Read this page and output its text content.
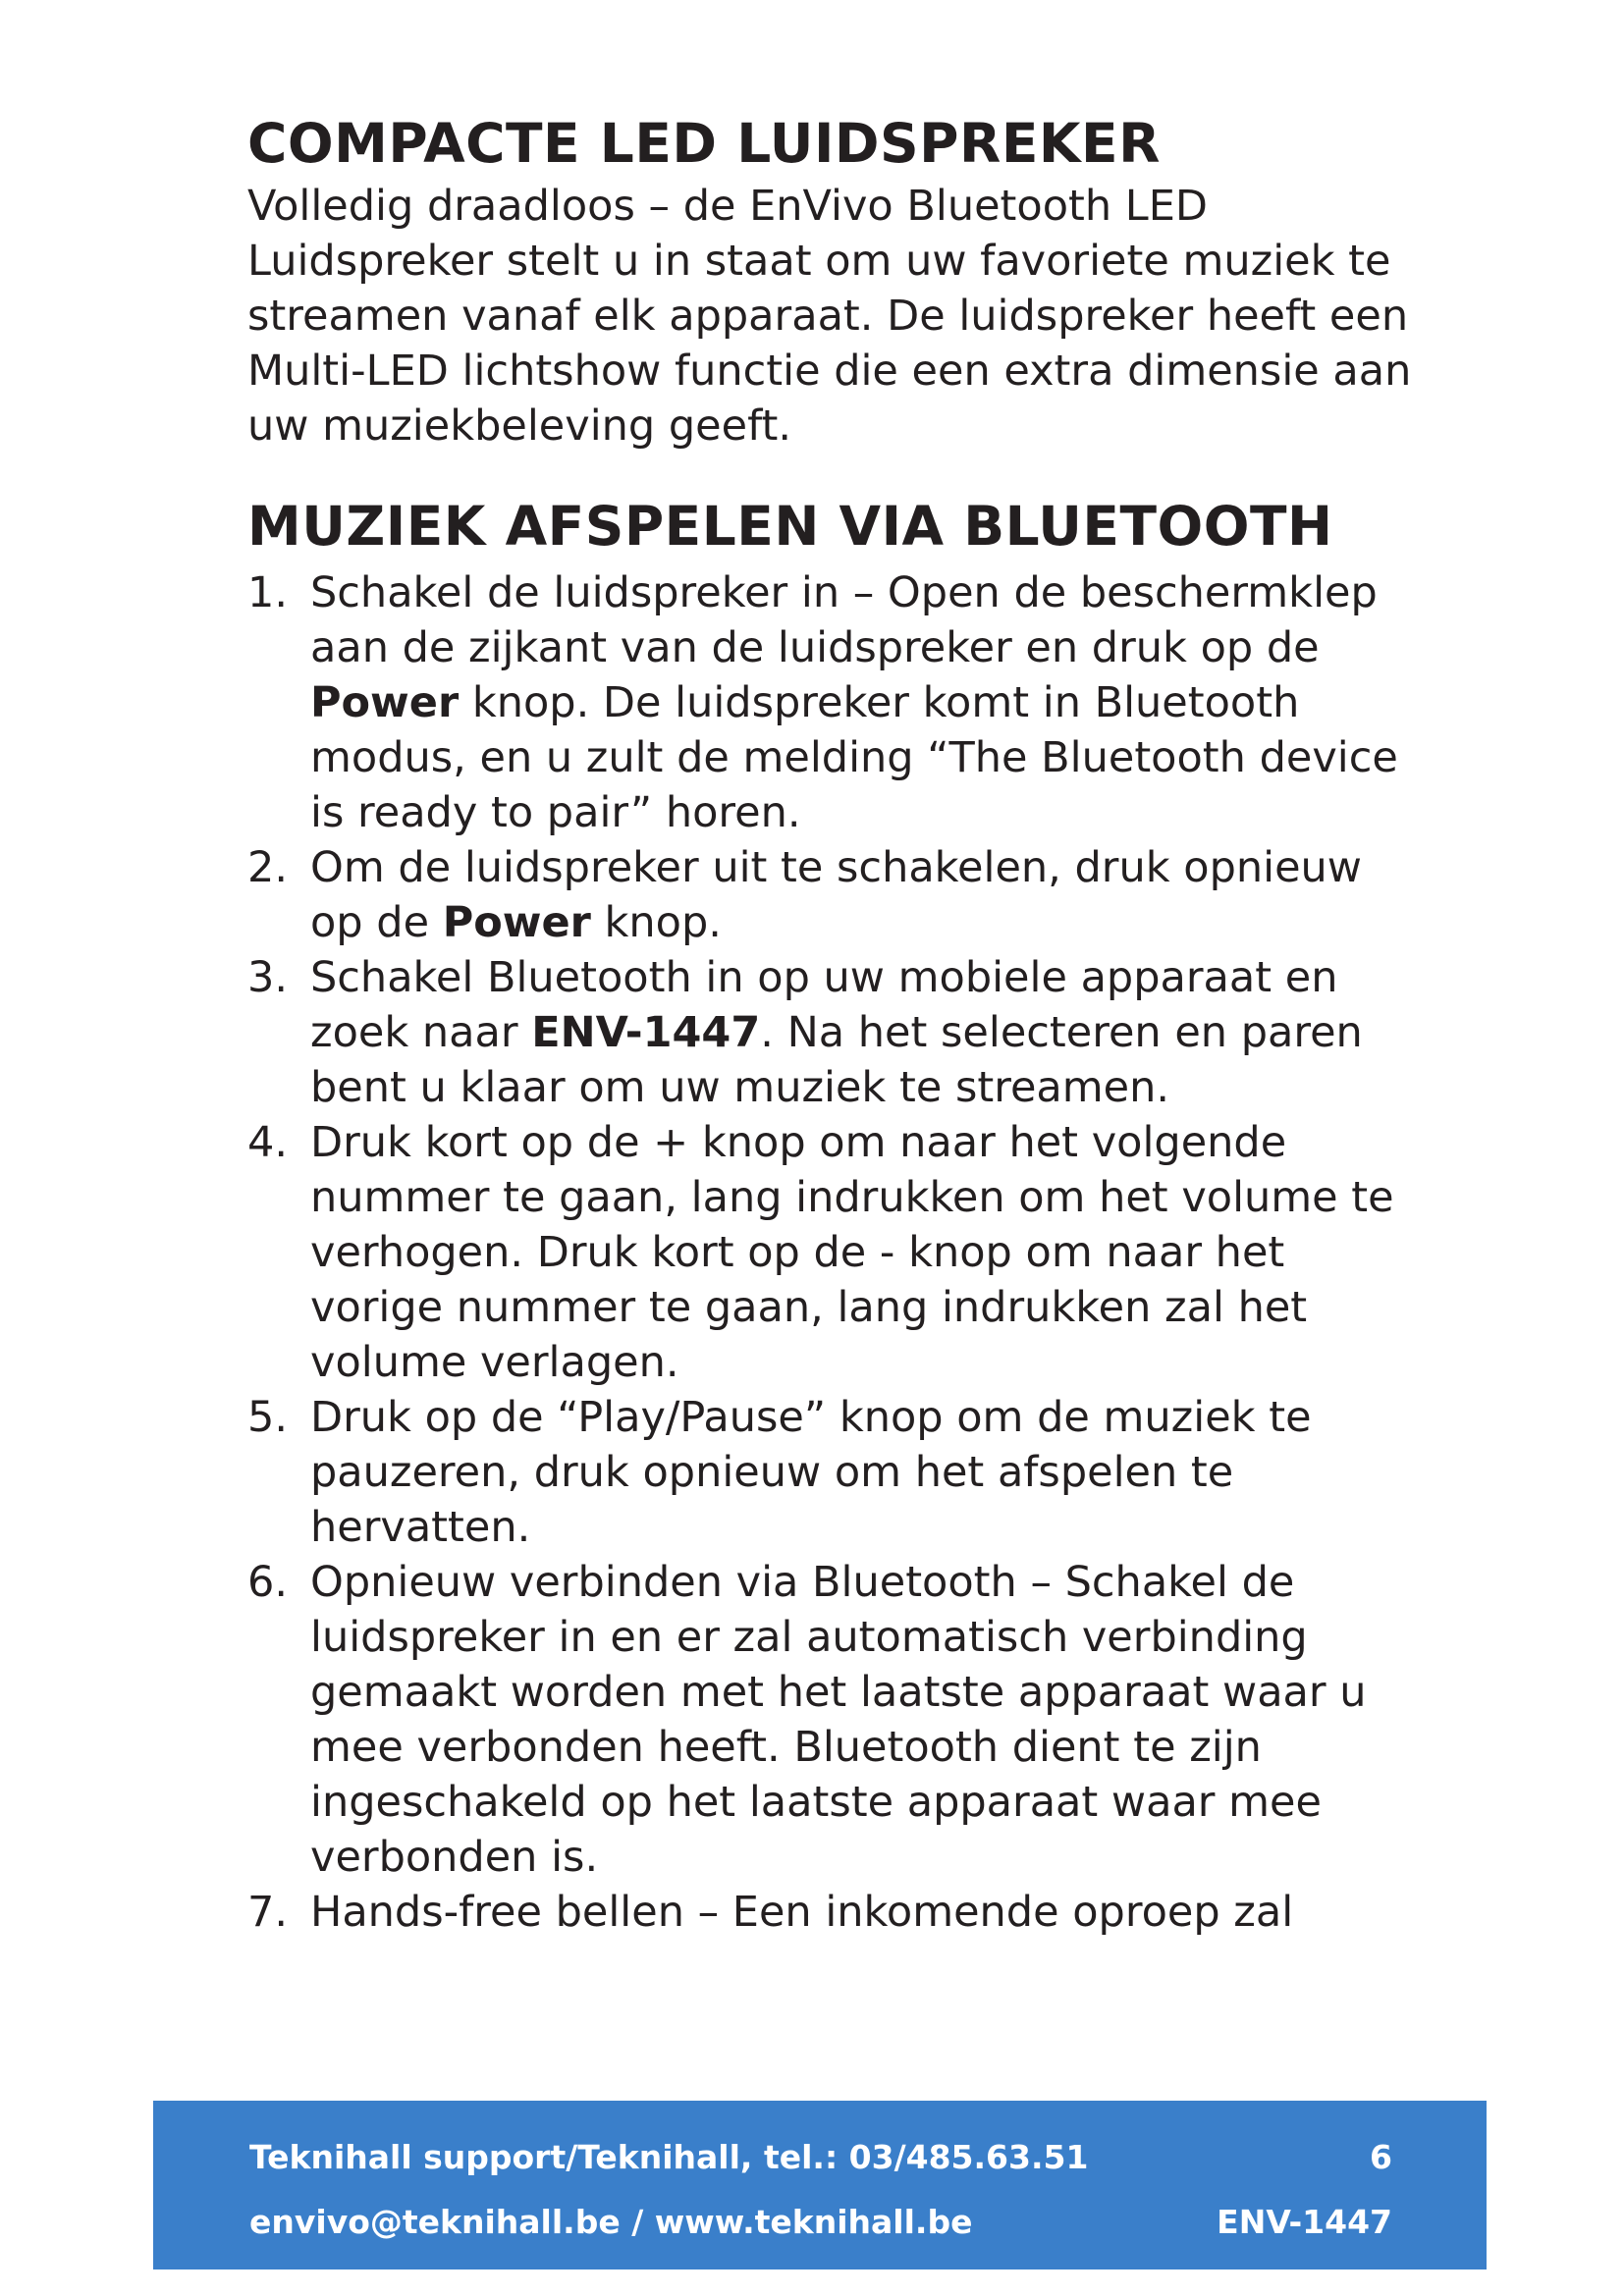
COMPACTE LED LUIDSPREKER

Volledig draadloos – de EnVivo Bluetooth LED Luidspreker stelt u in staat om uw favoriete muziek te streamen vanaf elk apparaat. De luidspreker heeft een Multi-LED lichtshow functie die een extra dimensie aan uw muziekbeleving geeft.

MUZIEK AFSPELEN VIA BLUETOOTH
1. Schakel de luidspreker in – Open de beschermklep aan de zijkant van de luidspreker en druk op de Power knop. De luidspreker komt in Bluetooth modus, en u zult de melding “The Bluetooth device is ready to pair” horen.
2. Om de luidspreker uit te schakelen, druk opnieuw op de Power knop.
3. Schakel Bluetooth in op uw mobiele apparaat en zoek naar ENV-1447. Na het selecteren en paren bent u klaar om uw muziek te streamen.
4. Druk kort op de + knop om naar het volgende nummer te gaan, lang indrukken om het volume te verhogen. Druk kort op de - knop om naar het vorige nummer te gaan, lang indrukken zal het volume verlagen.
5. Druk op de “Play/Pause” knop om de muziek te pauzeren, druk opnieuw om het afspelen te hervatten.
6. Opnieuw verbinden via Bluetooth – Schakel de luidspreker in en er zal automatisch verbinding gemaakt worden met het laatste apparaat waar u mee verbonden heeft. Bluetooth dient te zijn ingeschakeld op het laatste apparaat waar mee verbonden is.
7. Hands-free bellen – Een inkomende oproep zal
Teknihall support/Teknihall, tel.: 03/485.63.51	6
envivo@teknihall.be / www.teknihall.be	ENV-1447
